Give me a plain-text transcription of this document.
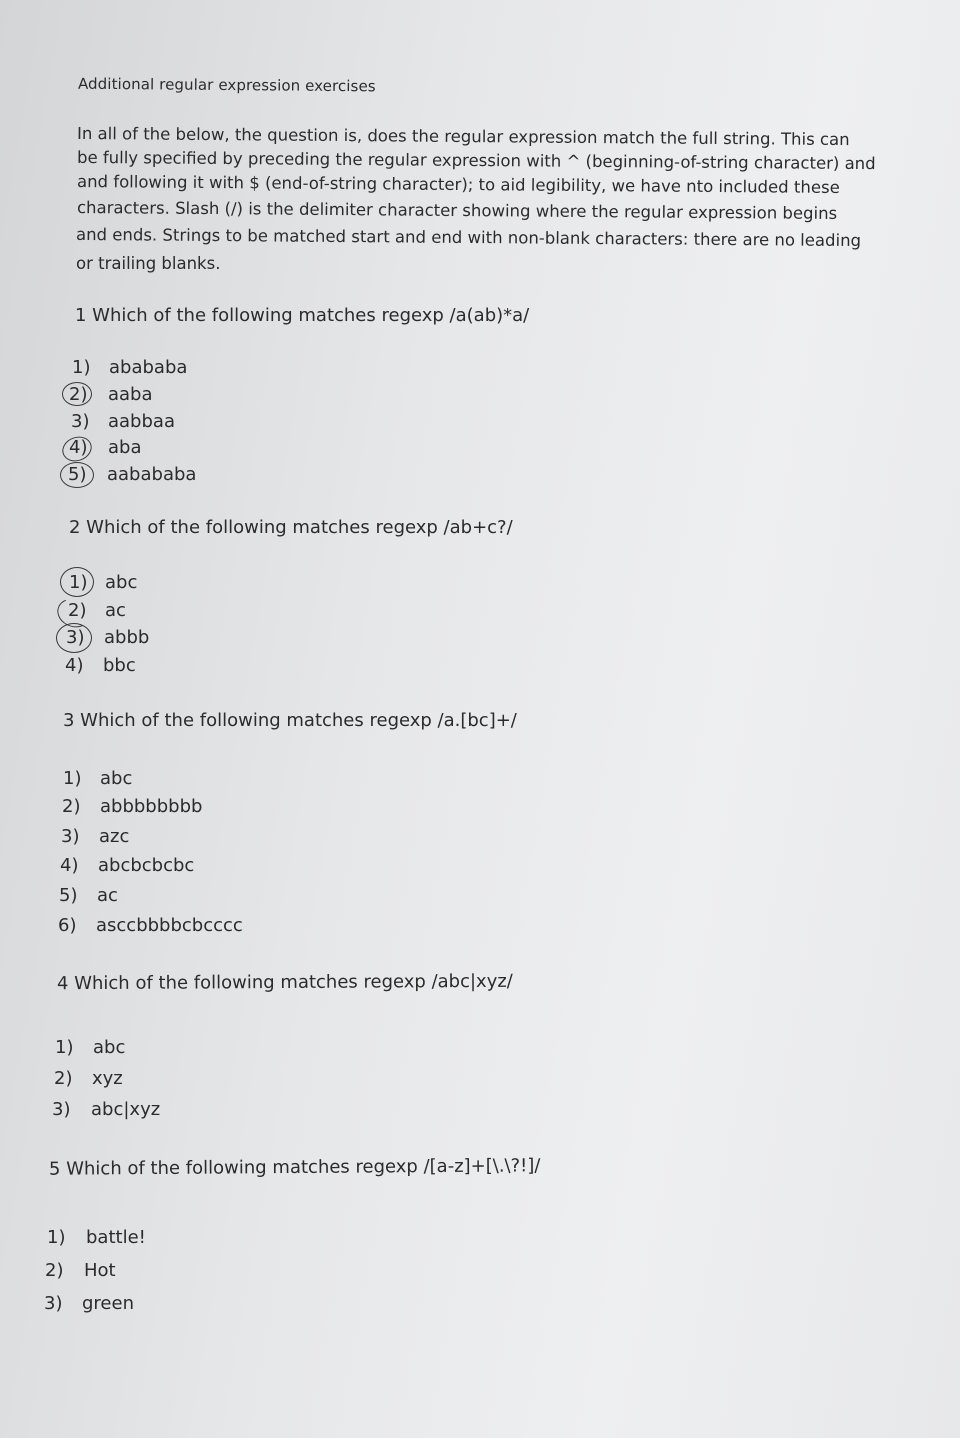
Additional regular expression exercises
In all of the below, the question is, does the regular expression match the full string. This can
be fully specified by preceding the regular expression with ^ (beginning-of-string character) and
and following it with $ (end-of-string character); to aid legibility, we have nto included these
characters. Slash (/) is the delimiter character showing where the regular expression begins
and ends. Strings to be matched start and end with non-blank characters: there are no leading
or trailing blanks.
1 Which of the following matches regexp /a(ab)*a/
1) abababa
2) aaba
3) aabbaa
4) aba
5) aabababa
2 Which of the following matches regexp /ab+c?/
1) abc
2) ac
3) abbb
4) bbc
3 Which of the following matches regexp /a.[bc]+/
1) abc
2) abbbbbbbb
3) azc
4) abcbcbcbc
5) ac
6) asccbbbbcbcccc
4 Which of the following matches regexp /abc|xyz/
1) abc
2) xyz
3) abc|xyz
5 Which of the following matches regexp /[a-z]+[\.\?!]/
1) battle!
2) Hot
3) green
